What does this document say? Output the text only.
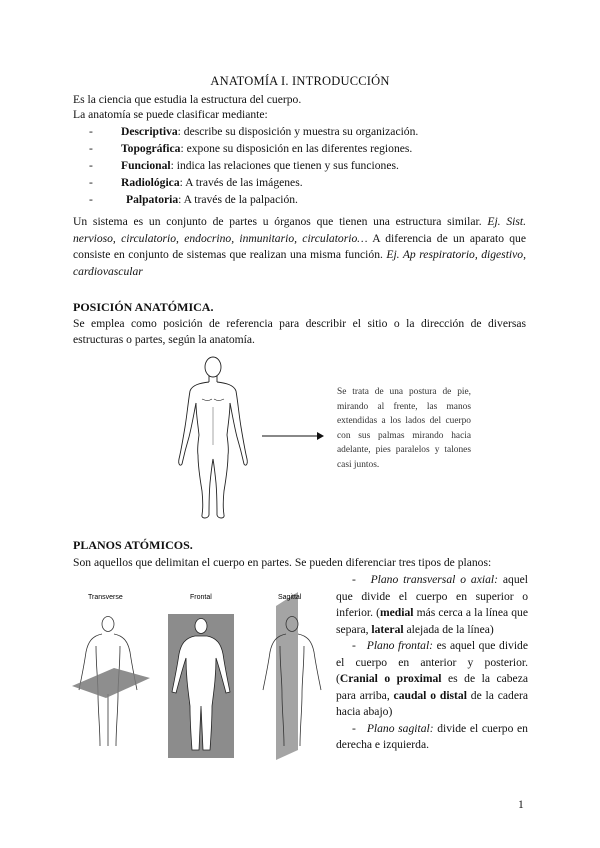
ANATOMÍA I. INTRODUCCIÓN
Es la ciencia que estudia la estructura del cuerpo.
La anatomía se puede clasificar mediante:
- Descriptiva: describe su disposición y muestra su organización.
- Topográfica: expone su disposición en las diferentes regiones.
- Funcional: indica las relaciones que tienen y sus funciones.
- Radiológica: A través de las imágenes.
-	Palpatoria: A través de la palpación.
Un sistema es un conjunto de partes u órganos que tienen una estructura similar. Ej. Sist. nervioso, circulatorio, endocrino, inmunitario, circulatorio… A diferencia de un aparato que consiste en conjunto de sistemas que realizan una misma función. Ej. Ap respiratorio, digestivo, cardiovascular
POSICIÓN ANATÓMICA.
Se emplea como posición de referencia para describir el sitio o la dirección de diversas estructuras o partes, según la anatomía.
Se trata de una postura de pie, mirando al frente, las manos extendidas a los lados del cuerpo con sus palmas mirando hacia adelante, pies paralelos y talones casi juntos.
PLANOS ATÓMICOS.
Son aquellos que delimitan el cuerpo en partes. Se pueden diferenciar tres tipos de planos:
Transverse	Frontal	Sagittal
- Plano transversal o axial: aquel que divide el cuerpo en superior o inferior. (medial más cerca a la línea que separa, lateral alejada de la línea)
- Plano frontal: es aquel que divide el cuerpo en anterior y posterior. (Cranial o proximal es de la cabeza para arriba, caudal o distal de la cadera hacia abajo)
- Plano sagital: divide el cuerpo en derecha e izquierda.
1
